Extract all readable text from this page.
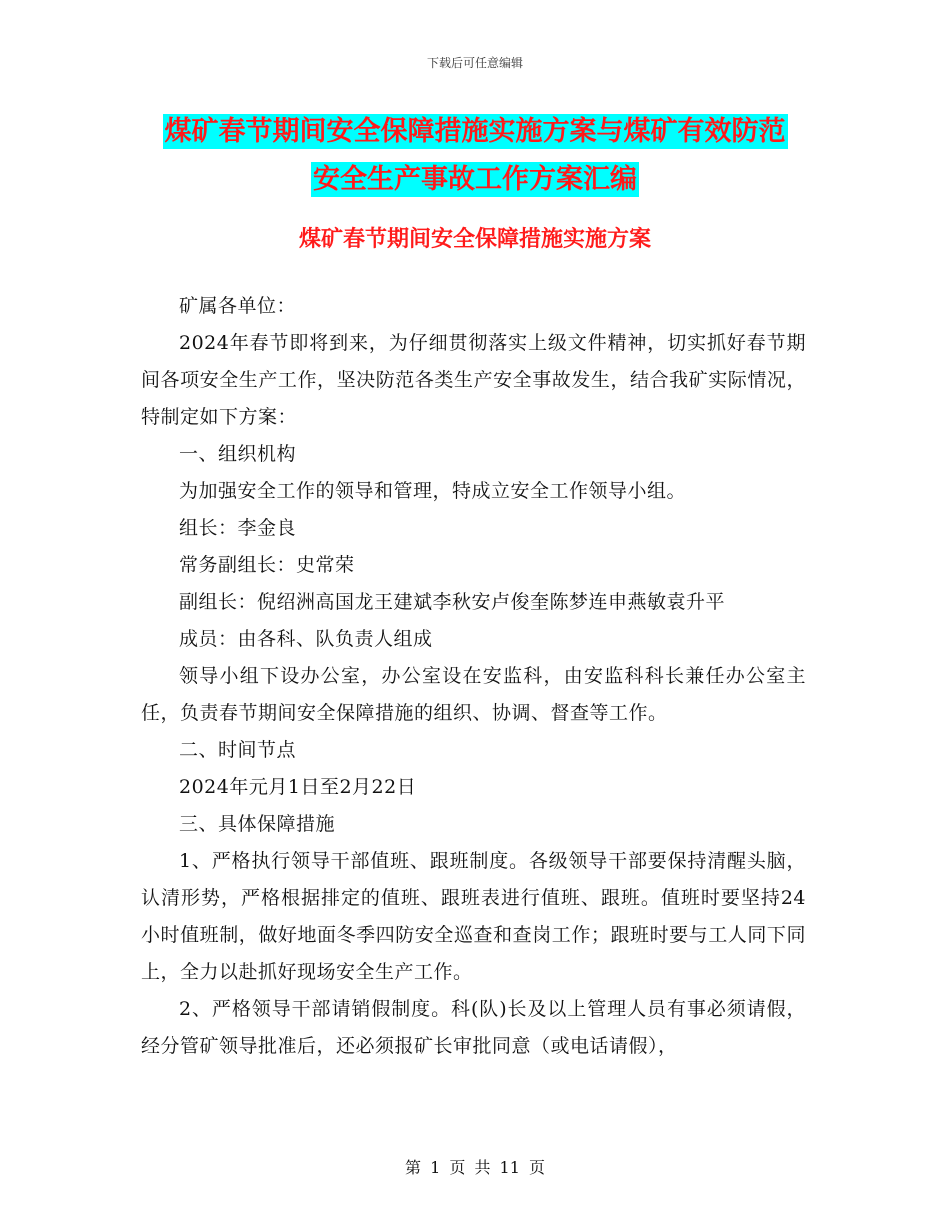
下载后可任意编辑
煤矿春节期间安全保障措施实施方案与煤矿有效防范
安全生产事故工作方案汇编
煤矿春节期间安全保障措施实施方案

矿属各单位：

2024年春节即将到来，为仔细贯彻落实上级文件精神，切实抓好春节期间各项安全生产工作，坚决防范各类生产安全事故发生，结合我矿实际情况，特制定如下方案：

一、组织机构

为加强安全工作的领导和管理，特成立安全工作领导小组。

组长：李金良

常务副组长：史常荣

副组长：倪绍洲高国龙王建斌李秋安卢俊奎陈梦连申燕敏袁升平

成员：由各科、队负责人组成

领导小组下设办公室，办公室设在安监科，由安监科科长兼任办公室主任，负责春节期间安全保障措施的组织、协调、督查等工作。

二、时间节点

2024年元月1日至2月22日

三、具体保障措施

1、严格执行领导干部值班、跟班制度。各级领导干部要保持清醒头脑，认清形势，严格根据排定的值班、跟班表进行值班、跟班。值班时要坚持24小时值班制，做好地面冬季四防安全巡查和查岗工作；跟班时要与工人同下同上，全力以赴抓好现场安全生产工作。

2、严格领导干部请销假制度。科(队)长及以上管理人员有事必须请假，经分管矿领导批准后，还必须报矿长审批同意（或电话请假），

第 1 页 共 11 页
